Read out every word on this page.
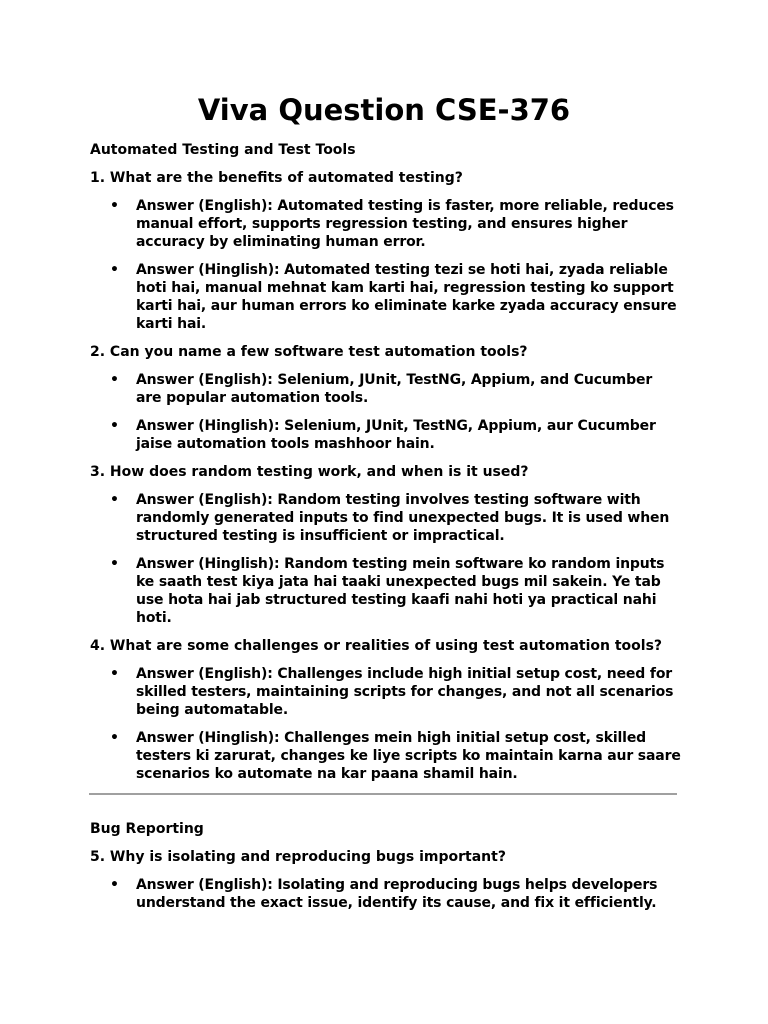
Viva Question CSE-376

Automated Testing and Test Tools

1. What are the benefits of automated testing?

• Answer (English): Automated testing is faster, more reliable, reduces manual effort, supports regression testing, and ensures higher accuracy by eliminating human error.
• Answer (Hinglish): Automated testing tezi se hoti hai, zyada reliable hoti hai, manual mehnat kam karti hai, regression testing ko support karti hai, aur human errors ko eliminate karke zyada accuracy ensure karti hai.

2. Can you name a few software test automation tools?

• Answer (English): Selenium, JUnit, TestNG, Appium, and Cucumber are popular automation tools.
• Answer (Hinglish): Selenium, JUnit, TestNG, Appium, aur Cucumber jaise automation tools mashhoor hain.

3. How does random testing work, and when is it used?

• Answer (English): Random testing involves testing software with randomly generated inputs to find unexpected bugs. It is used when structured testing is insufficient or impractical.
• Answer (Hinglish): Random testing mein software ko random inputs ke saath test kiya jata hai taaki unexpected bugs mil sakein. Ye tab use hota hai jab structured testing kaafi nahi hoti ya practical nahi hoti.

4. What are some challenges or realities of using test automation tools?

• Answer (English): Challenges include high initial setup cost, need for skilled testers, maintaining scripts for changes, and not all scenarios being automatable.
• Answer (Hinglish): Challenges mein high initial setup cost, skilled testers ki zarurat, changes ke liye scripts ko maintain karna aur saare scenarios ko automate na kar paana shamil hain.

Bug Reporting

5. Why is isolating and reproducing bugs important?

• Answer (English): Isolating and reproducing bugs helps developers understand the exact issue, identify its cause, and fix it efficiently.
